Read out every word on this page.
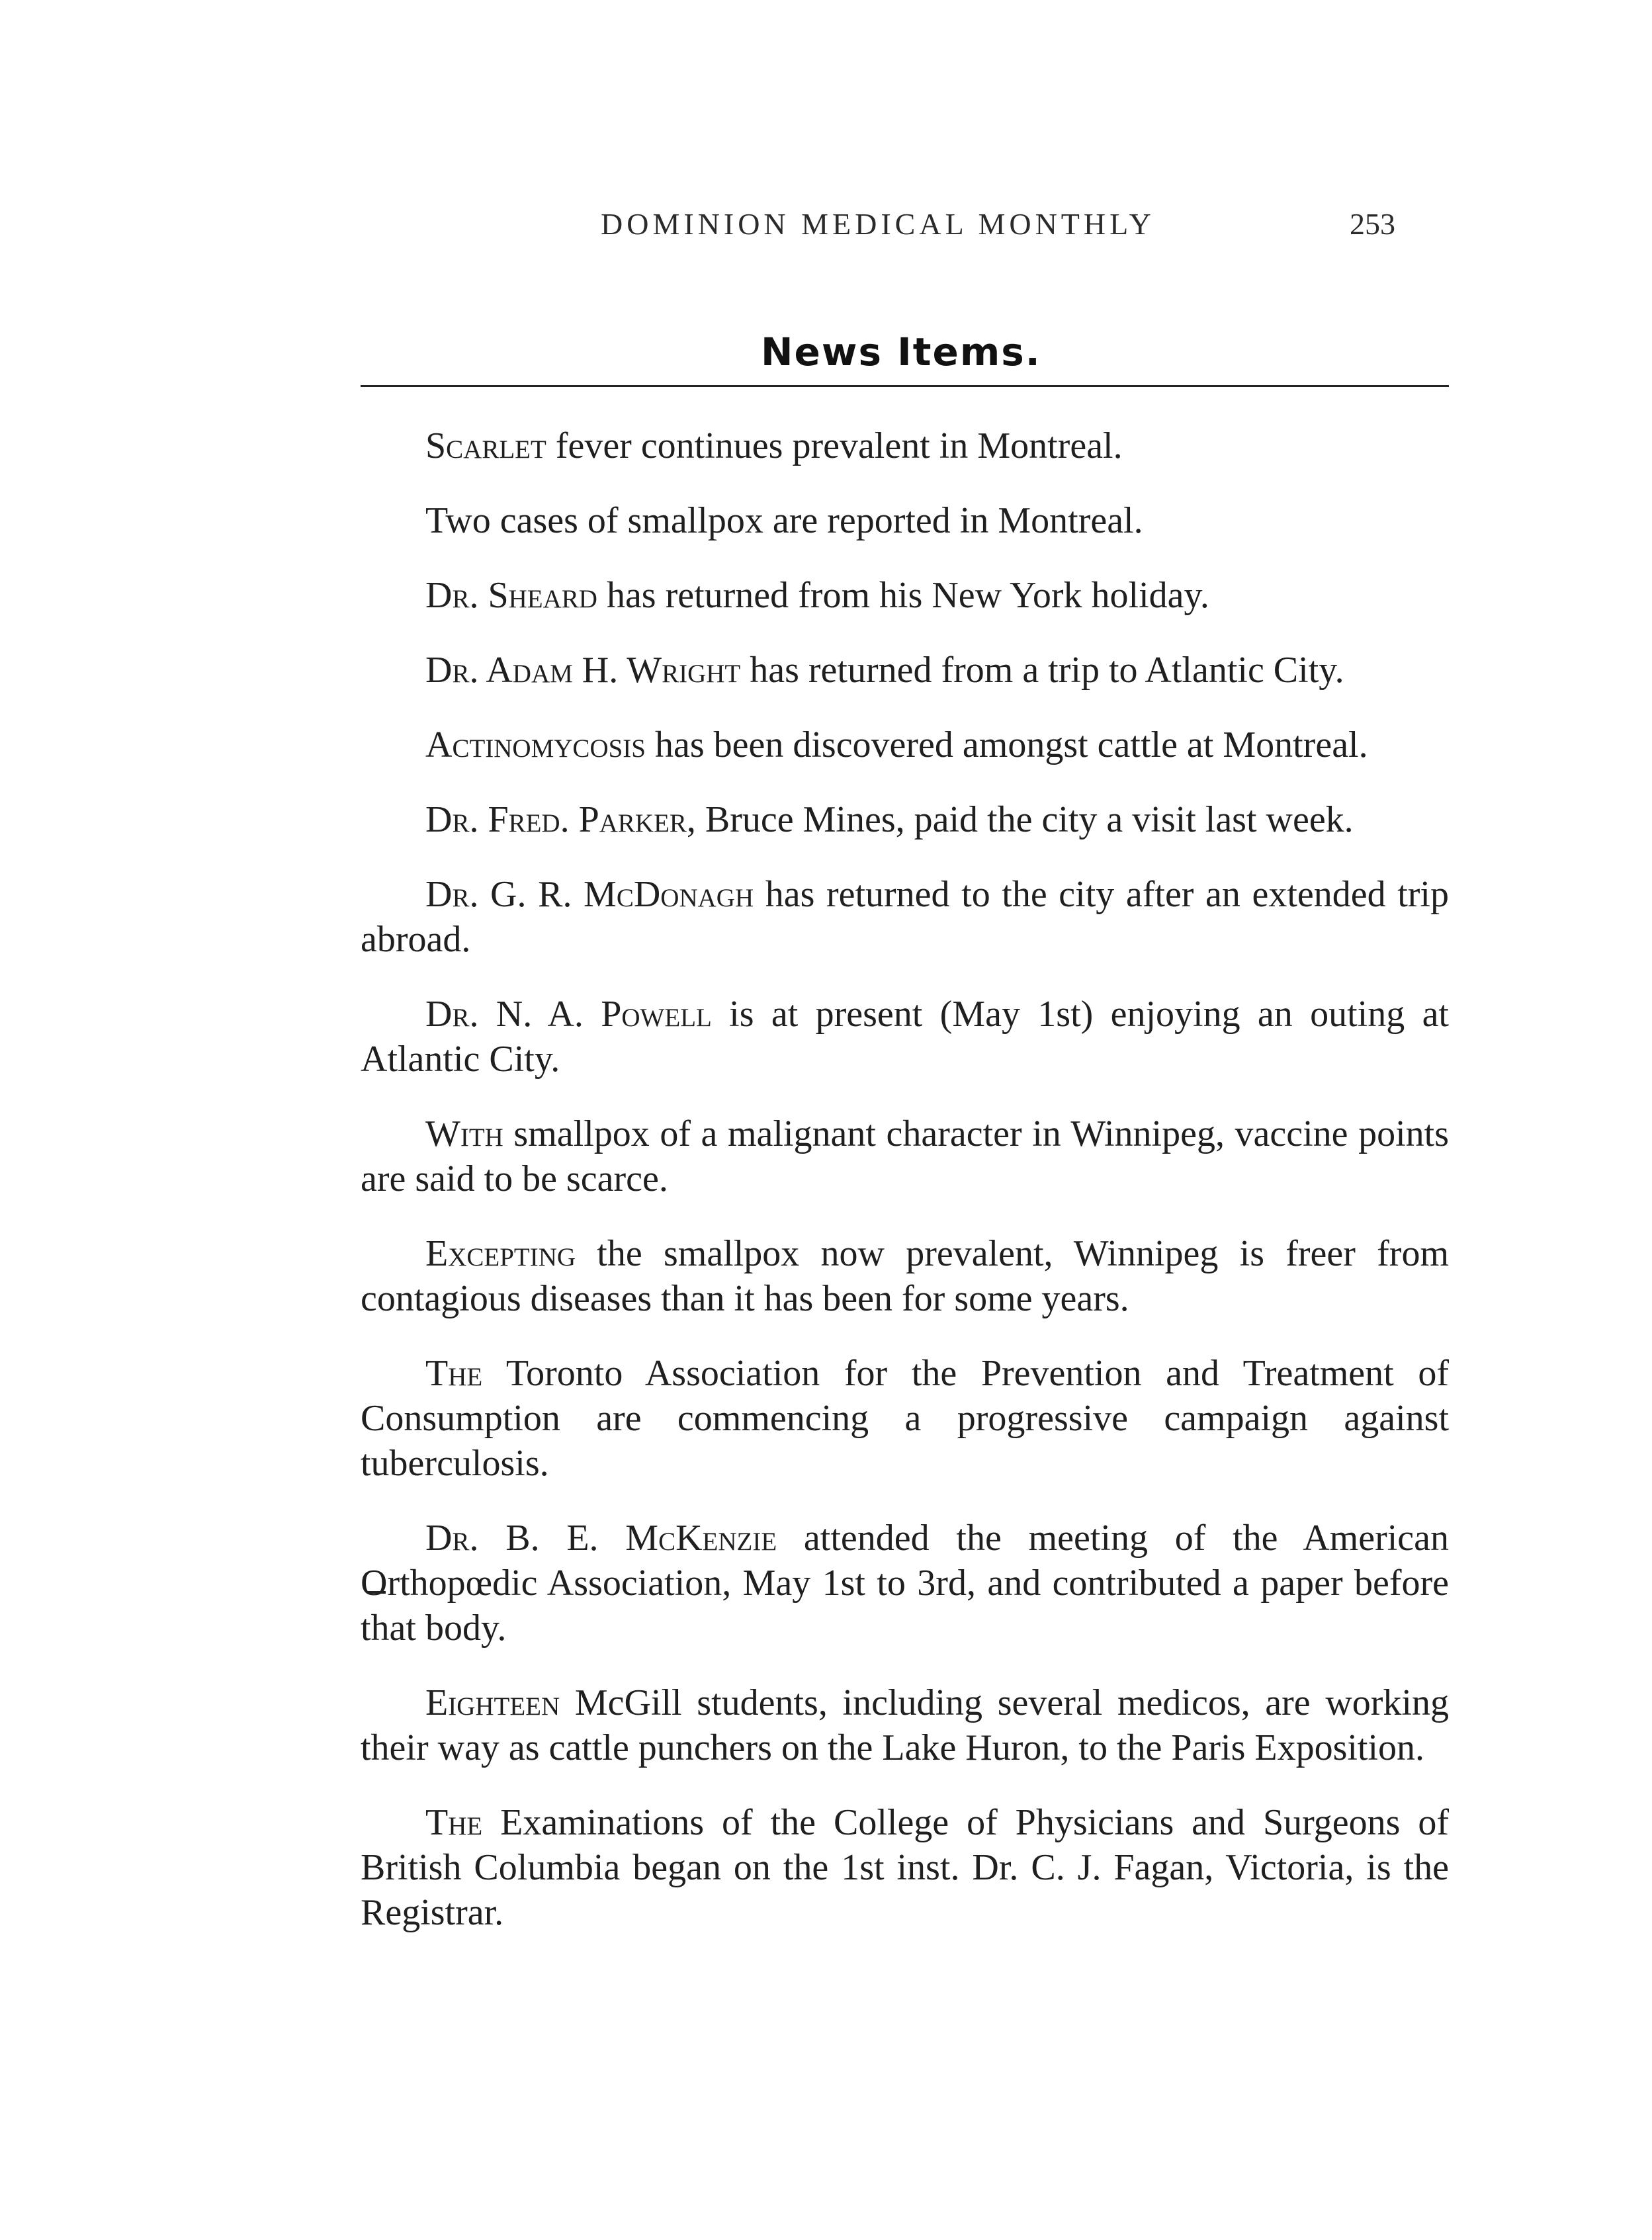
DOMINION MEDICAL MONTHLY	253
News Items.

Scarlet fever continues prevalent in Montreal.

Two cases of smallpox are reported in Montreal.

Dr. Sheard has returned from his New York holiday.

Dr. Adam H. Wright has returned from a trip to Atlantic City.

Actinomycosis has been discovered amongst cattle at Montreal.

Dr. Fred. Parker, Bruce Mines, paid the city a visit last week.

Dr. G. R. McDonagh has returned to the city after an extended trip abroad.

Dr. N. A. Powell is at present (May 1st) enjoying an outing at Atlantic City.

With smallpox of a malignant character in Winnipeg, vaccine points are said to be scarce.

Excepting the smallpox now prevalent, Winnipeg is freer from contagious diseases than it has been for some years.

The Toronto Association for the Prevention and Treatment of Consumption are commencing a progressive campaign against tuberculosis.

Dr. B. E. McKenzie attended the meeting of the American Orthopœdic Association, May 1st to 3rd, and contributed a paper before that body.

Eighteen McGill students, including several medicos, are working their way as cattle punchers on the Lake Huron, to the Paris Exposition.

The Examinations of the College of Physicians and Surgeons of British Columbia began on the 1st inst. Dr. C. J. Fagan, Victoria, is the Registrar.
